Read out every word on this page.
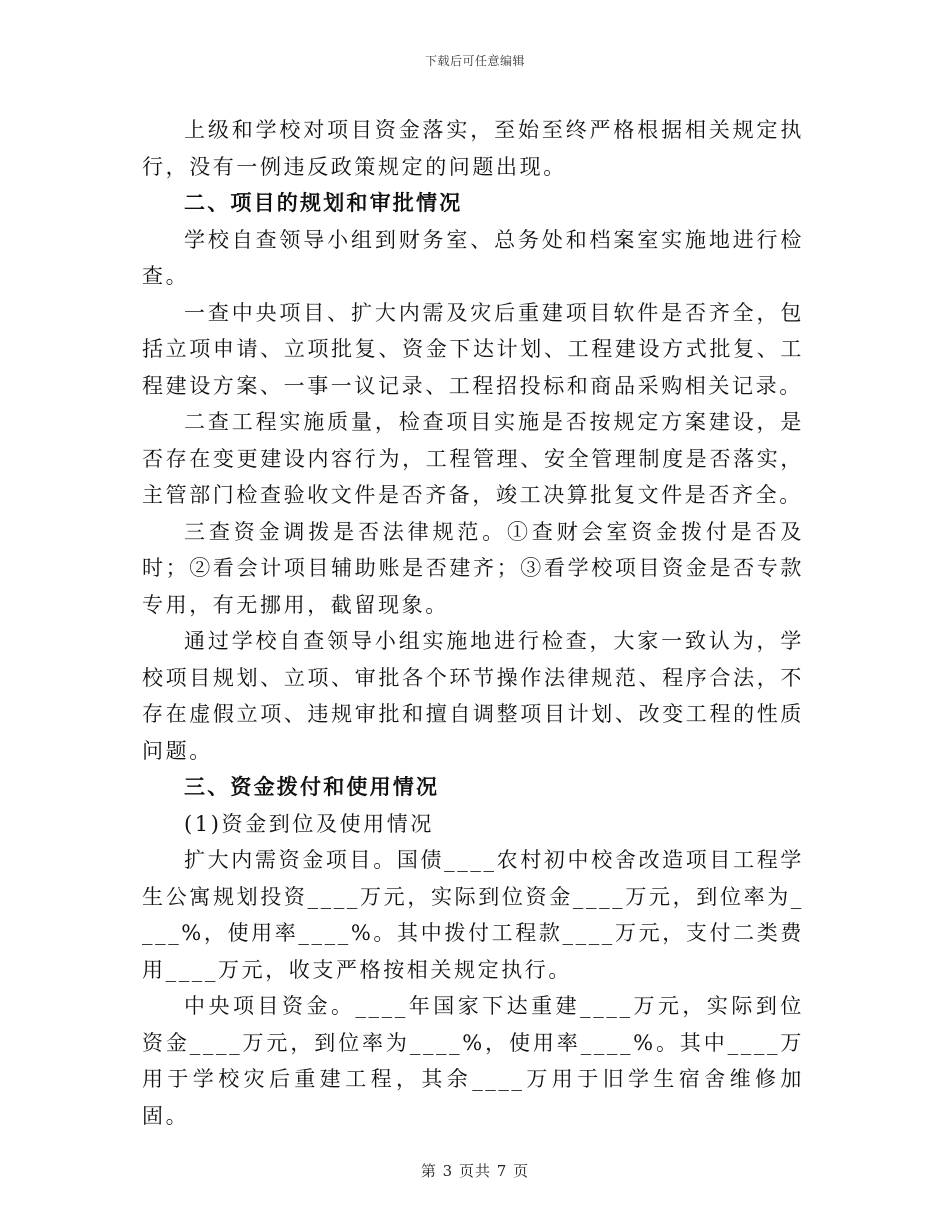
下载后可任意编辑

上级和学校对项目资金落实，至始至终严格根据相关规定执行，没有一例违反政策规定的问题出现。

二、项目的规划和审批情况

学校自查领导小组到财务室、总务处和档案室实施地进行检查。

一查中央项目、扩大内需及灾后重建项目软件是否齐全，包括立项申请、立项批复、资金下达计划、工程建设方式批复、工程建设方案、一事一议记录、工程招投标和商品采购相关记录。

二查工程实施质量，检查项目实施是否按规定方案建设，是否存在变更建设内容行为，工程管理、安全管理制度是否落实，主管部门检查验收文件是否齐备，竣工决算批复文件是否齐全。

三查资金调拨是否法律规范。①查财会室资金拨付是否及时；②看会计项目辅助账是否建齐；③看学校项目资金是否专款专用，有无挪用，截留现象。

通过学校自查领导小组实施地进行检查，大家一致认为，学校项目规划、立项、审批各个环节操作法律规范、程序合法，不存在虚假立项、违规审批和擅自调整项目计划、改变工程的性质问题。

三、资金拨付和使用情况

(1)资金到位及使用情况

扩大内需资金项目。国债____农村初中校舍改造项目工程学生公寓规划投资____万元，实际到位资金____万元，到位率为____%，使用率____%。其中拨付工程款____万元，支付二类费用____万元，收支严格按相关规定执行。

中央项目资金。____年国家下达重建____万元，实际到位资金____万元，到位率为____%，使用率____%。其中____万用于学校灾后重建工程，其余____万用于旧学生宿舍维修加固。

第 3 页共 7 页
